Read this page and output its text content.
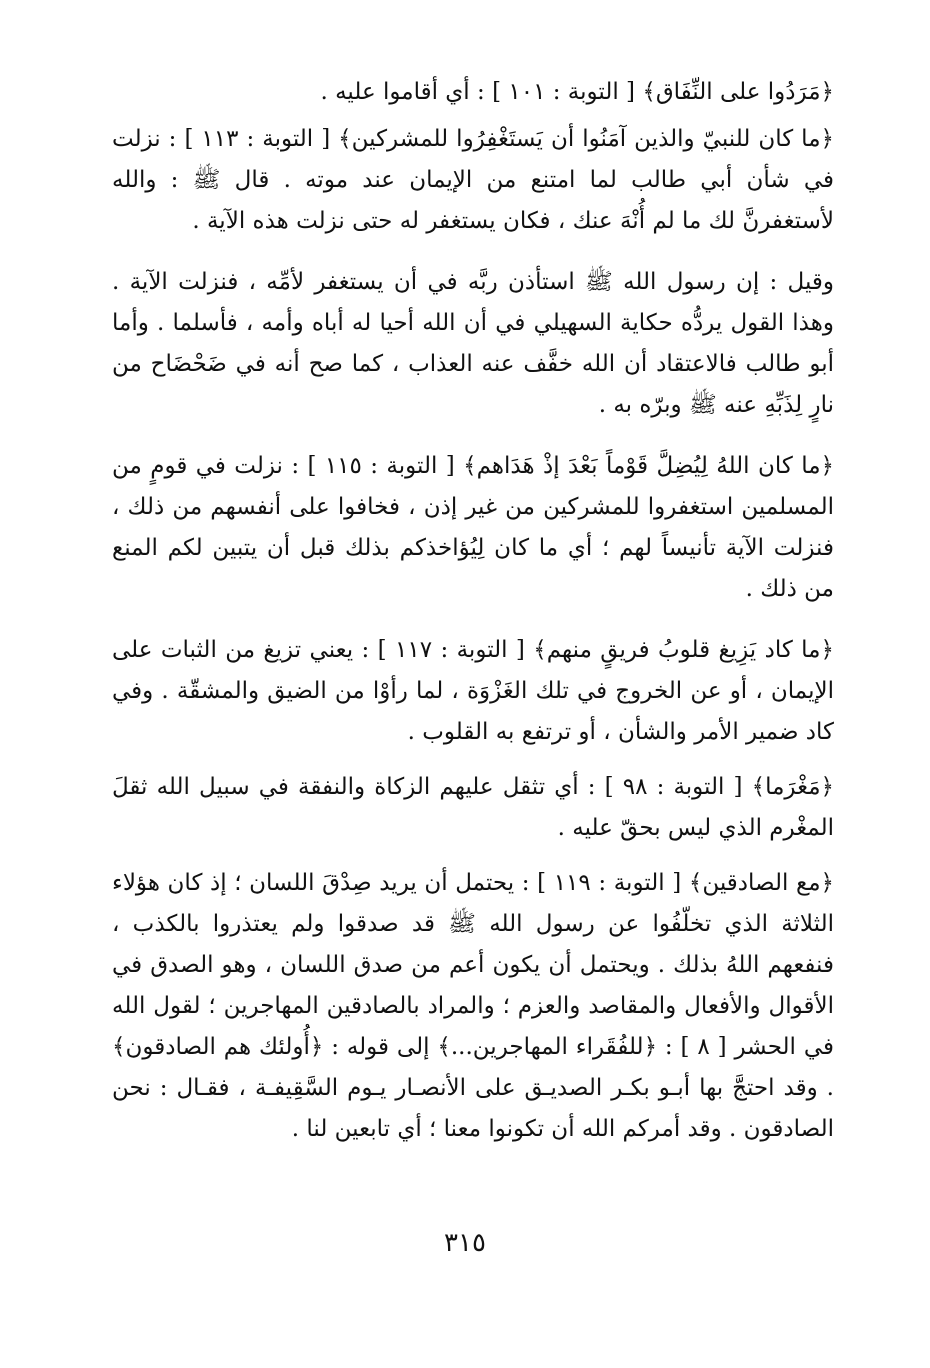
﴿مَرَدُوا على النِّفَاق﴾ [ التوبة : ١٠١ ] : أي أقاموا عليه .

﴿ما كان للنبيّ والذين آمَنُوا أن يَستَغْفِرُوا للمشركين﴾ [ التوبة : ١١٣ ] : نزلت في شأن أبي طالب لما امتنع من الإيمان عند موته . قال ﷺ : والله لأستغفرنَّ لك ما لم أُنْهَ عنك ، فكان يستغفر له حتى نزلت هذه الآية .

وقيل : إن رسول الله ﷺ استأذن ربَّه في أن يستغفر لأمِّه ، فنزلت الآية . وهذا القول يردُّه حكاية السهيلي في أن الله أحيا له أباه وأمه ، فأسلما . وأما أبو طالب فالاعتقاد أن الله خفَّف عنه العذاب ، كما صح أنه في ضَحْضَاح من نارٍ لِذَبِّهِ عنه ﷺ وبرّه به .

﴿ما كان اللهُ لِيُضِلَّ قَوْماً بَعْدَ إذْ هَدَاهم﴾ [ التوبة : ١١٥ ] : نزلت في قومٍ من المسلمين استغفروا للمشركين من غير إذن ، فخافوا على أنفسهم من ذلك ، فنزلت الآية تأنيساً لهم ؛ أي ما كان لِيُؤاخذكم بذلك قبل أن يتبين لكم المنع من ذلك .

﴿ما كاد يَزِيغ قلوبُ فريقٍ منهم﴾ [ التوبة : ١١٧ ] : يعني تزيغ من الثبات على الإيمان ، أو عن الخروج في تلك الغَزْوَة ، لما رأوْا من الضيق والمشقّة . وفي كاد ضمير الأمر والشأن ، أو ترتفع به القلوب .

﴿مَغْرَما﴾ [ التوبة : ٩٨ ] : أي تثقل عليهم الزكاة والنفقة في سبيل الله ثقلَ المغْرم الذي ليس بحقّ عليه .

﴿مع الصادقين﴾ [ التوبة : ١١٩ ] : يحتمل أن يريد صِدْقَ اللسان ؛ إذ كان هؤلاء الثلاثة الذي تخلّفُوا عن رسول الله ﷺ قد صدقوا ولم يعتذروا بالكذب ، فنفعهم اللهُ بذلك . ويحتمل أن يكون أعم من صدق اللسان ، وهو الصدق في الأقوال والأفعال والمقاصد والعزم ؛ والمراد بالصادقين المهاجرين ؛ لقول الله في الحشر [ ٨ ] : ﴿للفُقَراء المهاجرين...﴾ إلى قوله : ﴿أُولئك هم الصادقون﴾ . وقد احتجَّ بها أبـو بكـر الصديـق على الأنصـار يـوم السَّقِيفـة ، فقـال : نحن الصادقون . وقد أمركم الله أن تكونوا معنا ؛ أي تابعين لنا .

٣١٥
